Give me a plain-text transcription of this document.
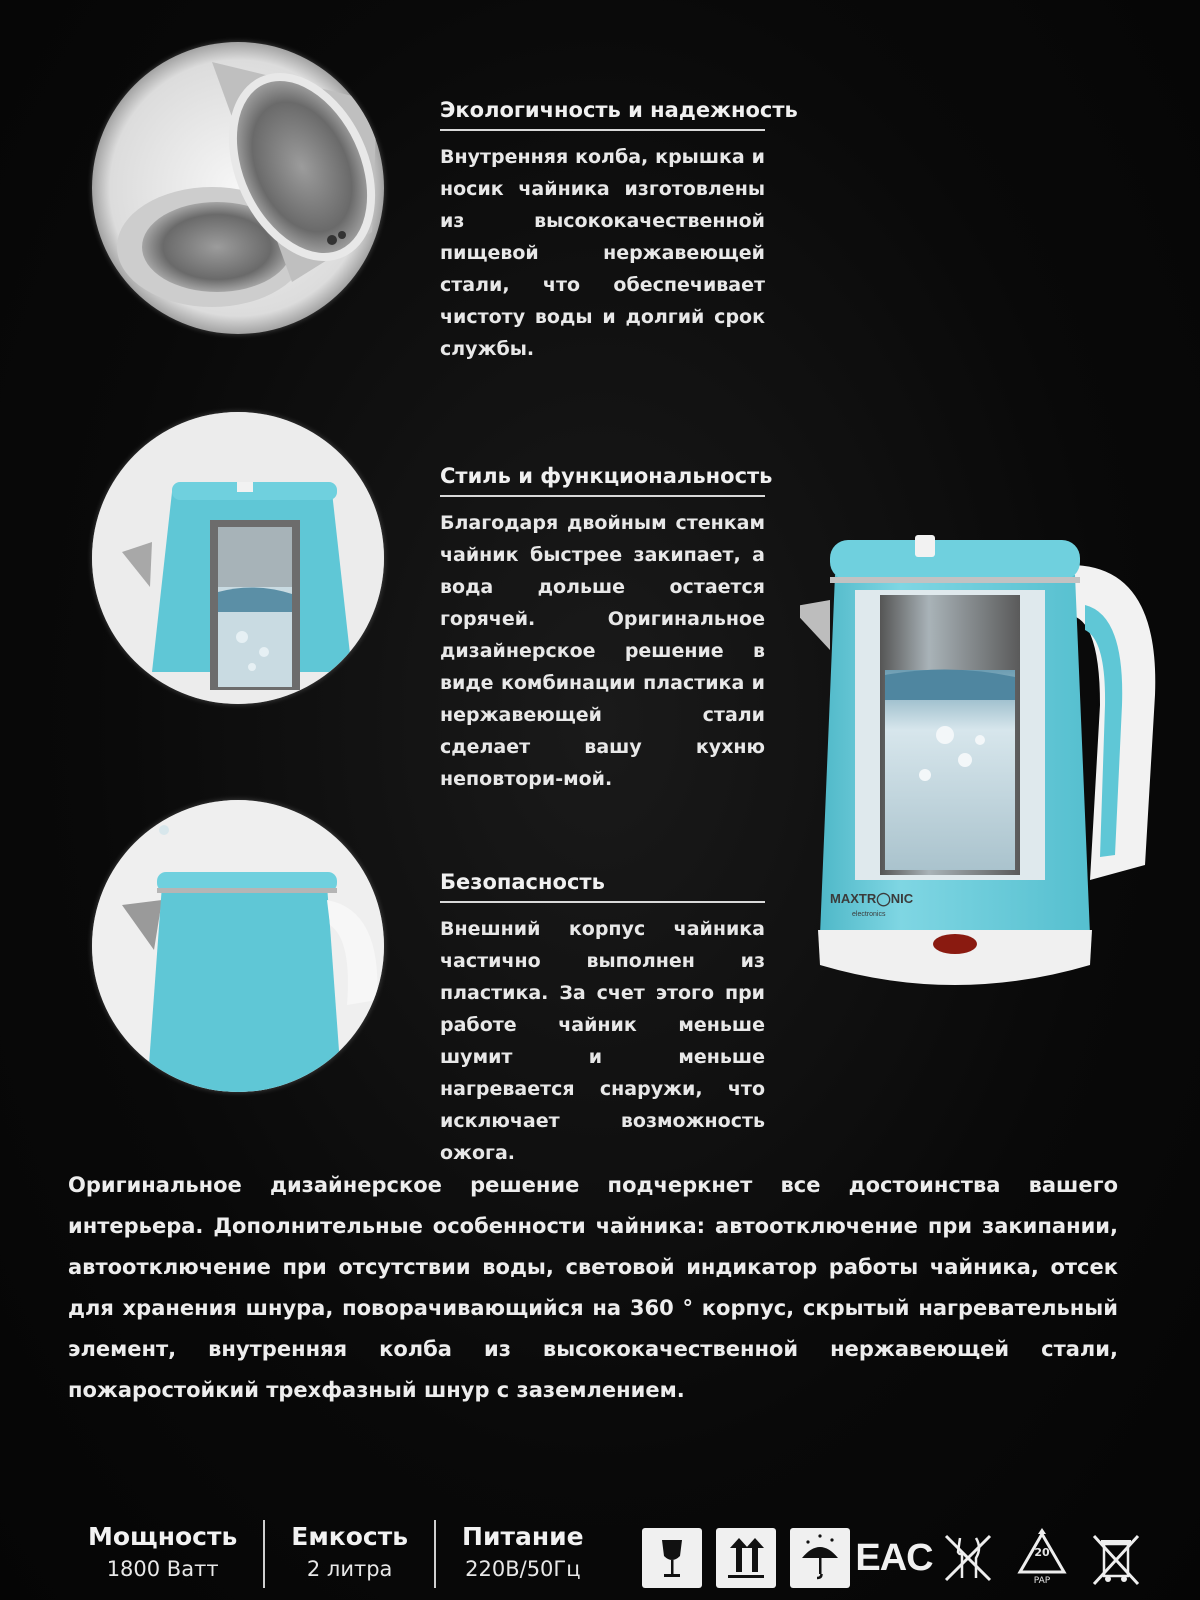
Экологичность и надежность
Внутренняя колба, крышка и носик чайника изготовлены из высококачественной пищевой нержавеющей стали, что обеспечивает чистоту воды и долгий срок службы.
Стиль и функциональность
Благодаря двойным стенкам чайник быстрее закипает, а вода дольше остается горячей. Оригинальное дизайнерское решение в виде комбинации пластика и нержавеющей стали сделает вашу кухню неповтори-мой.
Безопасность
Внешний корпус чайника частично выполнен из пластика. За счет этого при работе чайник меньше шумит и меньше нагревается снаружи, что исключает возможность ожога.
MAXTR◯NIC
electronics
Оригинальное дизайнерское решение подчеркнет все достоинства вашего интерьера. Дополнительные особенности чайника: автоотключение при закипании, автоотключение при отсутствии воды, световой индикатор работы чайника, отсек для хранения шнура, поворачивающийся на 360 ° корпус, скрытый нагревательный элемент, внутренняя колба из высококачественной нержавеющей стали, пожаростойкий трехфазный шнур с заземлением.
Мощность
1800 Ватт
Емкость
2 литра
Питание
220В/50Гц	EAC	20
PAP
